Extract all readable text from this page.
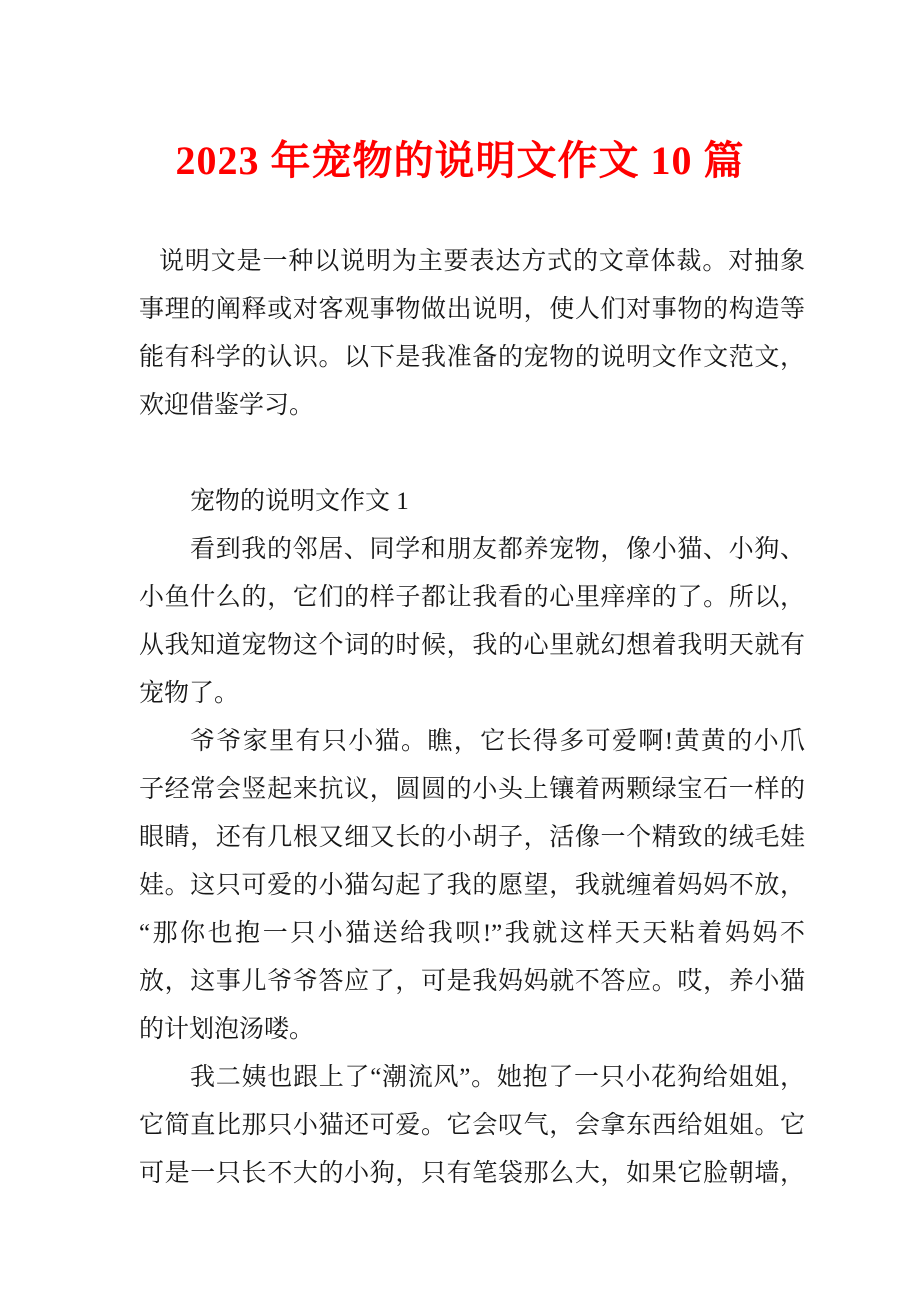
2023 年宠物的说明文作文 10 篇
说明文是一种以说明为主要表达方式的文章体裁。对抽象
事理的阐释或对客观事物做出说明，使人们对事物的构造等
能有科学的认识。以下是我准备的宠物的说明文作文范文，
欢迎借鉴学习。
宠物的说明文作文 1
看到我的邻居、同学和朋友都养宠物，像小猫、小狗、
小鱼什么的，它们的样子都让我看的心里痒痒的了。所以，
从我知道宠物这个词的时候，我的心里就幻想着我明天就有
宠物了。
爷爷家里有只小猫。瞧，它长得多可爱啊!黄黄的小爪
子经常会竖起来抗议，圆圆的小头上镶着两颗绿宝石一样的
眼睛，还有几根又细又长的小胡子，活像一个精致的绒毛娃
娃。这只可爱的小猫勾起了我的愿望，我就缠着妈妈不放，
“那你也抱一只小猫送给我呗!”我就这样天天粘着妈妈不
放，这事儿爷爷答应了，可是我妈妈就不答应。哎，养小猫
的计划泡汤喽。
我二姨也跟上了“潮流风”。她抱了一只小花狗给姐姐，
它简直比那只小猫还可爱。它会叹气，会拿东西给姐姐。它
可是一只长不大的小狗，只有笔袋那么大，如果它脸朝墙，
